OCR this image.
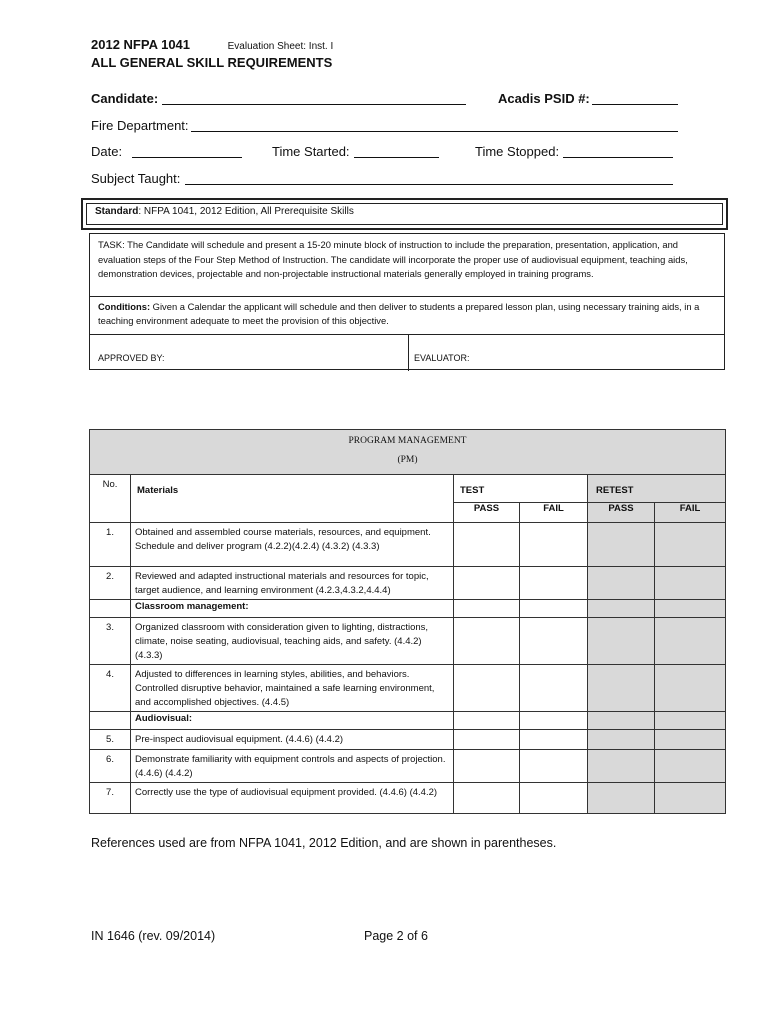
2012 NFPA 1041	Evaluation Sheet: Inst. I
ALL GENERAL SKILL REQUIREMENTS
Candidate:	Acadis PSID #:
Fire Department:
Date:	Time Started:	Time Stopped:
Subject Taught:
Standard: NFPA 1041, 2012 Edition, All Prerequisite Skills
TASK: The Candidate will schedule and present a 15-20 minute block of instruction to include the preparation, presentation, application, and evaluation steps of the Four Step Method of Instruction. The candidate will incorporate the proper use of audiovisual equipment, teaching aids, demonstration devices, projectable and non-projectable instructional materials generally employed in training programs.
Conditions: Given a Calendar the applicant will schedule and then deliver to students a prepared lesson plan, using necessary training aids, in a teaching environment adequate to meet the provision of this objective.
APPROVED BY:	EVALUATOR:
PROGRAM MANAGEMENT
(PM)					

No.	Materials	TEST		RETEST	
		PASS	FAIL	PASS	FAIL
1.	Obtained and assembled course materials, resources, and equipment. Schedule and deliver program (4.2.2)(4.2.4) (4.3.2) (4.3.3)				
2.	Reviewed and adapted instructional materials and resources for topic, target audience, and learning environment (4.2.3,4.3.2,4.4.4)				
	Classroom management:				
3.	Organized classroom with consideration given to lighting, distractions, climate, noise seating, audiovisual, teaching aids, and safety. (4.4.2) (4.3.3)				
4.	Adjusted to differences in learning styles, abilities, and behaviors. Controlled disruptive behavior, maintained a safe learning environment, and accomplished objectives. (4.4.5)				
	Audiovisual:				
5.	Pre-inspect audiovisual equipment. (4.4.6) (4.4.2)				
6.	Demonstrate familiarity with equipment controls and aspects of projection. (4.4.6) (4.4.2)				
7.	Correctly use the type of audiovisual equipment provided. (4.4.6) (4.4.2)				
References used are from NFPA 1041, 2012 Edition, and are shown in parentheses.
IN 1646 (rev. 09/2014)	Page 2 of 6
